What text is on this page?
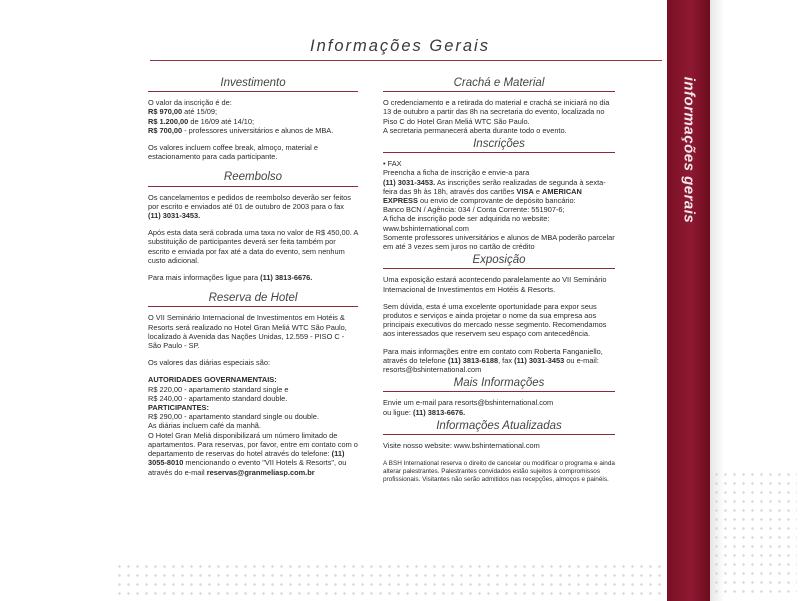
informações gerais
Informações Gerais
Investimento

O valor da inscrição é de:
R$ 970,00 até 15/09;
R$ 1.200,00 de 16/09 até 14/10;
R$ 700,00 - professores universitários e alunos de MBA.

Os valores incluem coffee break, almoço, material e estacionamento para cada participante.

Reembolso

Os cancelamentos e pedidos de reembolso deverão ser feitos por escrito e enviados até 01 de outubro de 2003 para o fax (11) 3031-3453.

Após esta data será cobrada uma taxa no valor de R$ 450,00. A substituição de participantes deverá ser feita também por escrito e enviada por fax até a data do evento, sem nenhum custo adicional.

Para mais informações ligue para (11) 3813-6676.

Reserva de Hotel

O VII Seminário Internacional de Investimentos em Hotéis & Resorts será realizado no Hotel Gran Meliá WTC São Paulo, localizado à Avenida das Nações Unidas, 12.559 - PISO C - São Paulo - SP.

Os valores das diárias especiais são:

AUTORIDADES GOVERNAMENTAIS:
R$ 220,00 - apartamento standard single e
R$ 240,00 - apartamento standard double.
PARTICIPANTES:
R$ 290,00 - apartamento standard single ou double.
As diárias incluem café da manhã.

O Hotel Gran Meliá disponibilizará um número limitado de apartamentos. Para reservas, por favor, entre em contato com o departamento de reservas do hotel através do telefone: (11) 3055-8010 mencionando o evento "VII Hotels & Resorts", ou através do e-mail reservas@granmeliasp.com.br

Crachá e Material

O credenciamento e a retirada do material e crachá se iniciará no dia 13 de outubro a partir das 8h na secretaria do evento, localizada no Piso C do Hotel Gran Meliá WTC São Paulo.
A secretaria permanecerá aberta durante todo o evento.

Inscrições

• FAX
Preencha a ficha de inscrição e envie-a para
(11) 3031-3453. As inscrições serão realizadas de segunda à sexta-feira das 9h às 18h, através dos cartões VISA e AMERICAN EXPRESS ou envio de comprovante de depósito bancário:
Banco BCN / Agência: 034 / Conta Corrente: 551907-6;
A ficha de inscrição pode ser adquirida no website:
www.bshinternational.com
Somente professores universitários e alunos de MBA poderão parcelar em até 3 vezes sem juros no cartão de crédito

Exposição

Uma exposição estará acontecendo paralelamente ao VII Seminário Internacional de Investimentos em Hotéis & Resorts.

Sem dúvida, esta é uma excelente oportunidade para expor seus produtos e serviços e ainda projetar o nome da sua empresa aos principais executivos do mercado nesse segmento. Recomendamos aos interessados que reservem seu espaço com antecedência.

Para mais informações entre em contato com Roberta Fanganiello, através do telefone (11) 3813-6188, fax (11) 3031-3453 ou e-mail: resorts@bshinternational.com

Mais Informações

Envie um e-mail para resorts@bshinternational.com
ou ligue: (11) 3813-6676.

Informações Atualizadas

Visite nosso website: www.bshinternational.com

A BSH International reserva o direito de cancelar ou modificar o programa e ainda alterar palestrantes. Palestrantes convidados estão sujeitos à compromissos profissionais. Visitantes não serão admitidos nas recepções, almoços e painéis.
